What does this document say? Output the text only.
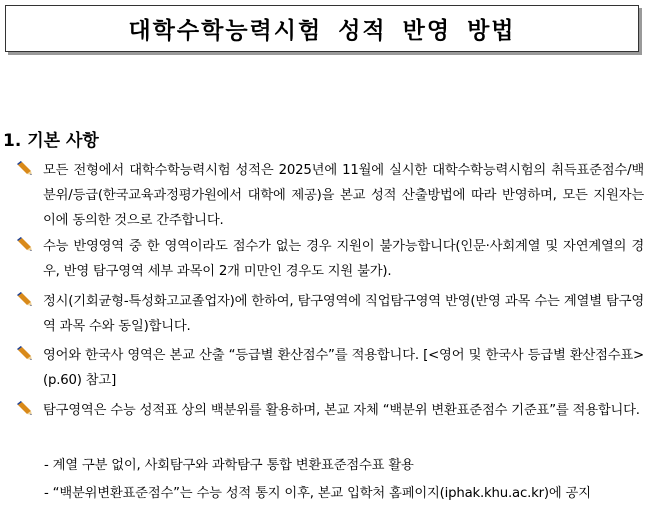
대학수학능력시험 성적 반영 방법
1. 기본 사항
모든 전형에서 대학수학능력시험 성적은 2025년에 11월에 실시한 대학수학능력시험의 취득표준점수/백분위/등급(한국교육과정평가원에서 대학에 제공)을 본교 성적 산출방법에 따라 반영하며, 모든 지원자는 이에 동의한 것으로 간주합니다.
수능 반영영역 중 한 영역이라도 점수가 없는 경우 지원이 불가능합니다(인문·사회계열 및 자연계열의 경우, 반영 탐구영역 세부 과목이 2개 미만인 경우도 지원 불가).
정시(기회균형-특성화고교졸업자)에 한하여, 탐구영역에 직업탐구영역 반영(반영 과목 수는 계열별 탐구영역 과목 수와 동일)합니다.
영어와 한국사 영역은 본교 산출 “등급별 환산점수”를 적용합니다. [<영어 및 한국사 등급별 환산점수표>(p.60) 참고]
탐구영역은 수능 성적표 상의 백분위를 활용하며, 본교 자체 “백분위 변환표준점수 기준표”를 적용합니다.
- 계열 구분 없이, 사회탐구와 과학탐구 통합 변환표준점수표 활용
- “백분위변환표준점수”는 수능 성적 통지 이후, 본교 입학처 홈페이지(iphak.khu.ac.kr)에 공지
